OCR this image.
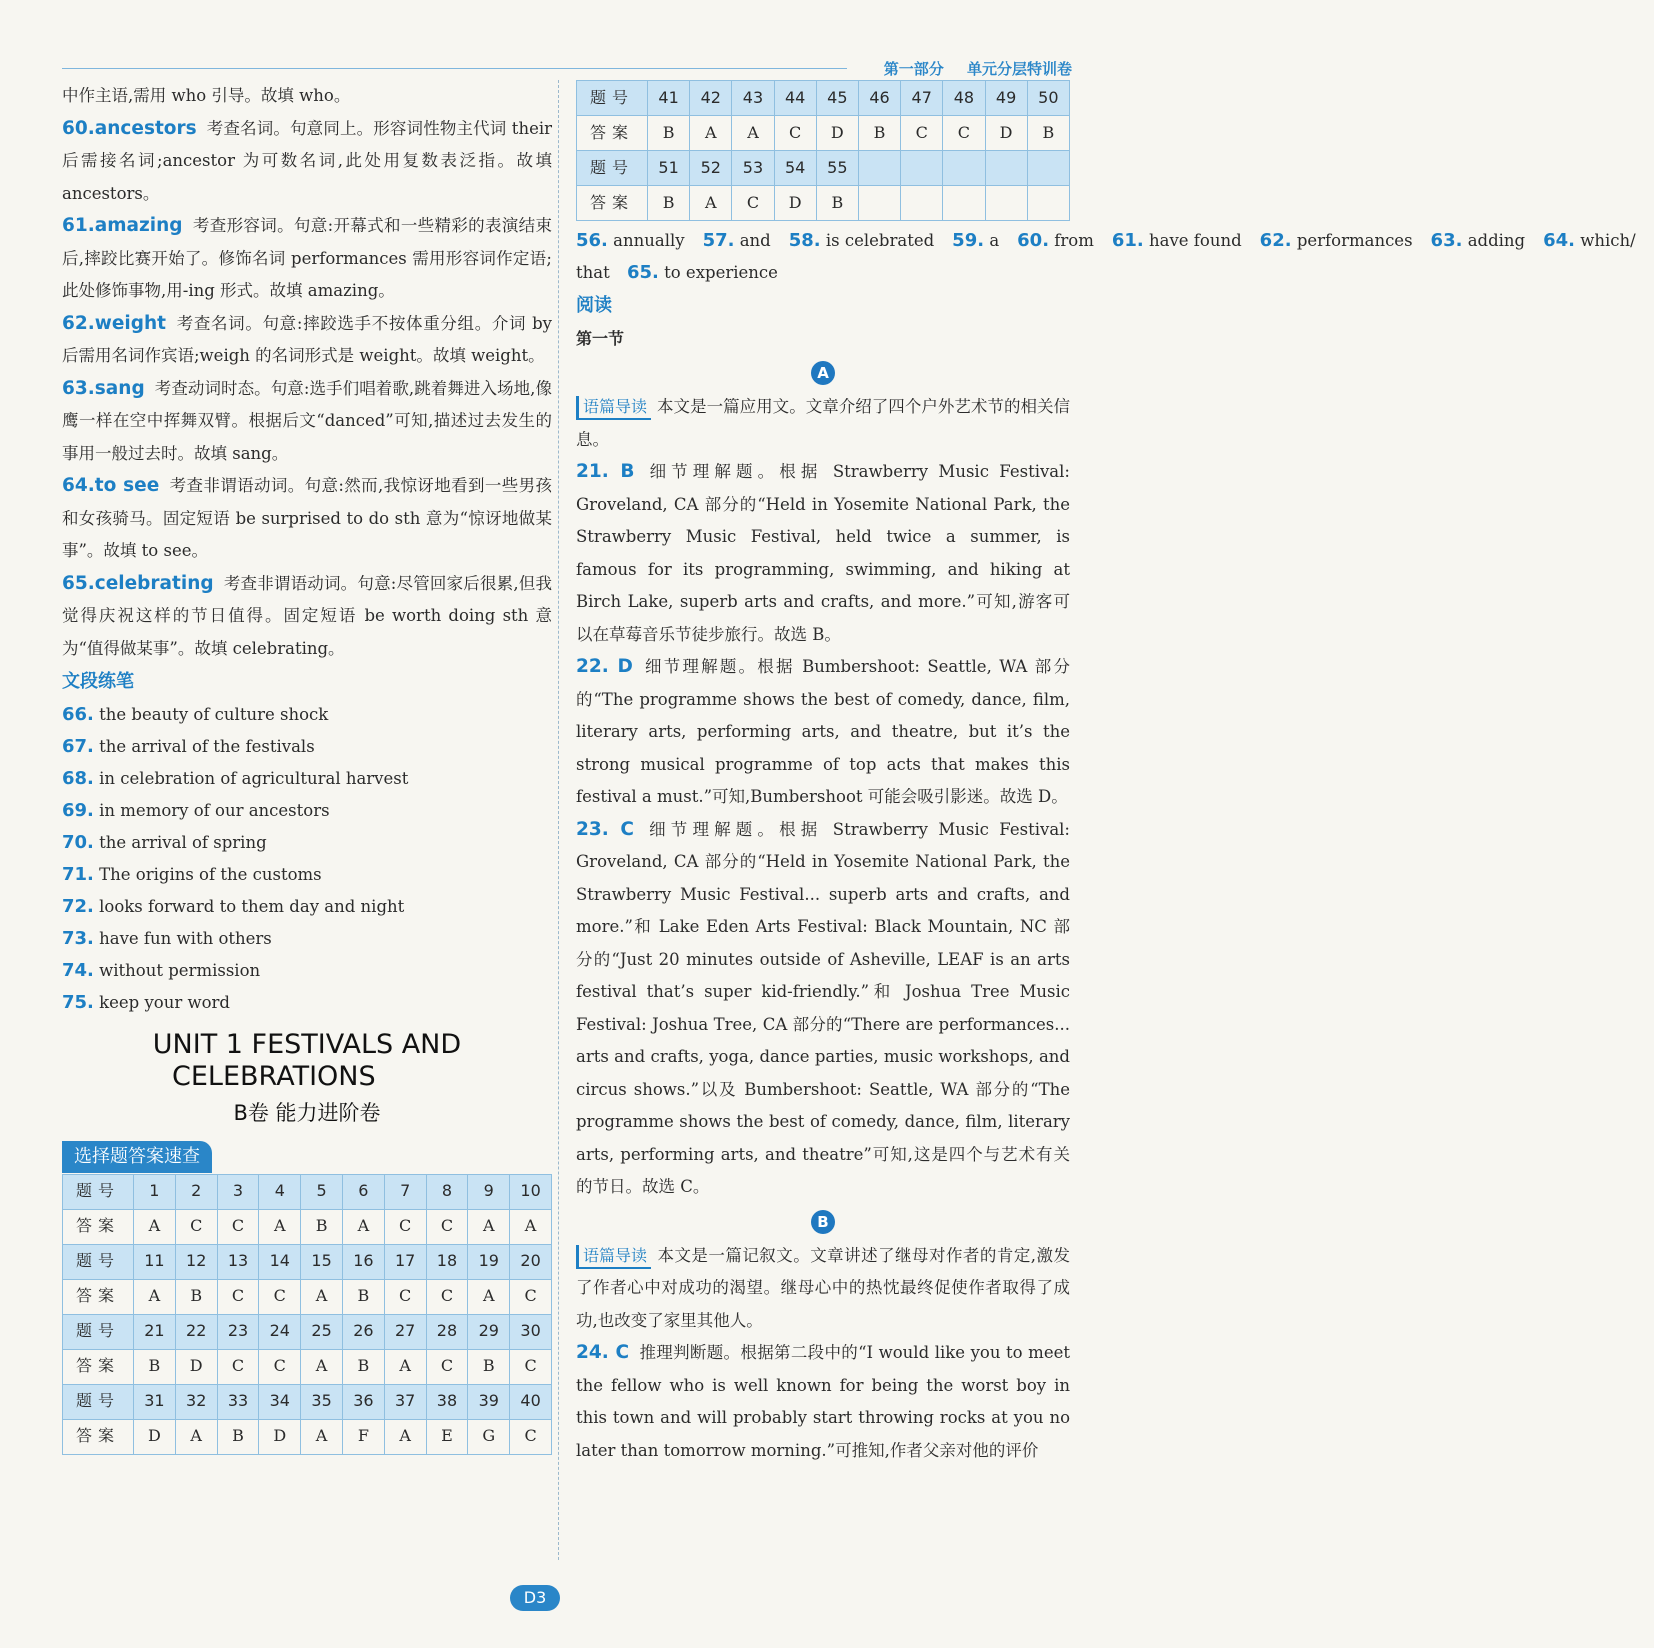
第一部分 单元分层特训卷

中作主语,需用 who 引导。故填 who。

60.ancestors 考查名词。句意同上。形容词性物主代词 their 后需接名词;ancestor 为可数名词,此处用复数表泛指。故填 ancestors。

61.amazing 考查形容词。句意:开幕式和一些精彩的表演结束后,摔跤比赛开始了。修饰名词 performances 需用形容词作定语;此处修饰事物,用-ing 形式。故填 amazing。

62.weight 考查名词。句意:摔跤选手不按体重分组。介词 by 后需用名词作宾语;weigh 的名词形式是 weight。故填 weight。

63.sang 考查动词时态。句意:选手们唱着歌,跳着舞进入场地,像鹰一样在空中挥舞双臂。根据后文“danced”可知,描述过去发生的事用一般过去时。故填 sang。

64.to see 考查非谓语动词。句意:然而,我惊讶地看到一些男孩和女孩骑马。固定短语 be surprised to do sth 意为“惊讶地做某事”。故填 to see。

65.celebrating 考查非谓语动词。句意:尽管回家后很累,但我觉得庆祝这样的节日值得。固定短语 be worth doing sth 意为“值得做某事”。故填 celebrating。

文段练笔
66. the beauty of culture shock
67. the arrival of the festivals
68. in celebration of agricultural harvest
69. in memory of our ancestors
70. the arrival of spring
71. The origins of the customs
72. looks forward to them day and night
73. have fun with others
74. without permission
75. keep your word
UNIT 1 FESTIVALS AND
CELEBRATIONS
B卷 能力进阶卷
选择题答案速查
题号	1	2	3	4	5	6	7	8	9	10
答案	A	C	C	A	B	A	C	C	A	A
题号	11	12	13	14	15	16	17	18	19	20
答案	A	B	C	C	A	B	C	C	A	C
题号	21	22	23	24	25	26	27	28	29	30
答案	B	D	C	C	A	B	A	C	B	C
题号	31	32	33	34	35	36	37	38	39	40
答案	D	A	B	D	A	F	A	E	G	C
题号	41	42	43	44	45	46	47	48	49	50
答案	B	A	A	C	D	B	C	C	D	B
题号	51	52	53	54	55					
答案	B	A	C	D	B					
56. annually 57. and 58. is celebrated 59. a 60. from 61. have found 62. performances 63. adding 64. which/
that 65. to experience
阅读
第一节
A

语篇导读 本文是一篇应用文。文章介绍了四个户外艺术节的相关信息。

21. B 细节理解题。根据 Strawberry Music Festival: Groveland, CA 部分的“Held in Yosemite National Park, the Strawberry Music Festival, held twice a summer, is famous for its programming, swimming, and hiking at Birch Lake, superb arts and crafts, and more.”可知,游客可以在草莓音乐节徒步旅行。故选 B。

22. D 细节理解题。根据 Bumbershoot: Seattle, WA 部分的“The programme shows the best of comedy, dance, film, literary arts, performing arts, and theatre, but it’s the strong musical programme of top acts that makes this festival a must.”可知,Bumbershoot 可能会吸引影迷。故选 D。

23. C 细节理解题。根据 Strawberry Music Festival: Groveland, CA 部分的“Held in Yosemite National Park, the Strawberry Music Festival... superb arts and crafts, and more.”和 Lake Eden Arts Festival: Black Mountain, NC 部分的“Just 20 minutes outside of Asheville, LEAF is an arts festival that’s super kid-friendly.”和 Joshua Tree Music Festival: Joshua Tree, CA 部分的“There are performances... arts and crafts, yoga, dance parties, music workshops, and circus shows.”以及 Bumbershoot: Seattle, WA 部分的“The programme shows the best of comedy, dance, film, literary arts, performing arts, and theatre”可知,这是四个与艺术有关的节日。故选 C。

B

语篇导读 本文是一篇记叙文。文章讲述了继母对作者的肯定,激发了作者心中对成功的渴望。继母心中的热忱最终促使作者取得了成功,也改变了家里其他人。

24. C 推理判断题。根据第二段中的“I would like you to meet the fellow who is well known for being the worst boy in this town and will probably start throwing rocks at you no later than tomorrow morning.”可推知,作者父亲对他的评价

D3
